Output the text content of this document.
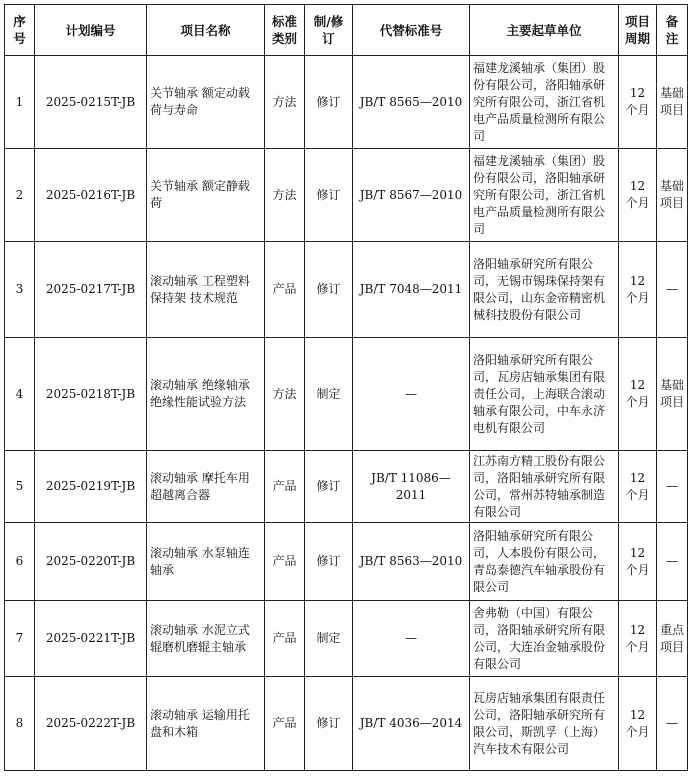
序号	计划编号	项目名称	标准类别	制/修订	代替标准号	主要起草单位	项目周期	备注
1	2025-0215T-JB	关节轴承 额定动载荷与寿命	方法	修订	JB/T 8565—2010	福建龙溪轴承（集团）股份有限公司，洛阳轴承研究所有限公司，浙江省机电产品质量检测所有限公司	12 个月	基础项目
2	2025-0216T-JB	关节轴承 额定静载荷	方法	修订	JB/T 8567—2010	福建龙溪轴承（集团）股份有限公司，洛阳轴承研究所有限公司，浙江省机电产品质量检测所有限公司	12 个月	基础项目
3	2025-0217T-JB	滚动轴承 工程塑料保持架 技术规范	产品	修订	JB/T 7048—2011	洛阳轴承研究所有限公司，无锡市锡珠保持架有限公司，山东金帝精密机械科技股份有限公司	12 个月	—
4	2025-0218T-JB	滚动轴承 绝缘轴承绝缘性能试验方法	方法	制定	—	洛阳轴承研究所有限公司，瓦房店轴承集团有限责任公司，上海联合滚动轴承有限公司，中车永济电机有限公司	12 个月	基础项目
5	2025-0219T-JB	滚动轴承 摩托车用超越离合器	产品	修订	JB/T 11086—2011	江苏南方精工股份有限公司，洛阳轴承研究所有限公司，常州苏特轴承制造有限公司	12 个月	—
6	2025-0220T-JB	滚动轴承 水泵轴连轴承	产品	修订	JB/T 8563—2010	洛阳轴承研究所有限公司，人本股份有限公司，青岛泰德汽车轴承股份有限公司	12 个月	—
7	2025-0221T-JB	滚动轴承 水泥立式辊磨机磨辊主轴承	产品	制定	—	舍弗勒（中国）有限公司，洛阳轴承研究所有限公司，大连冶金轴承股份有限公司	12 个月	重点项目
8	2025-0222T-JB	滚动轴承 运输用托盘和木箱	产品	修订	JB/T 4036—2014	瓦房店轴承集团有限责任公司，洛阳轴承研究所有限公司，斯凯孚（上海）汽车技术有限公司	12 个月	—
